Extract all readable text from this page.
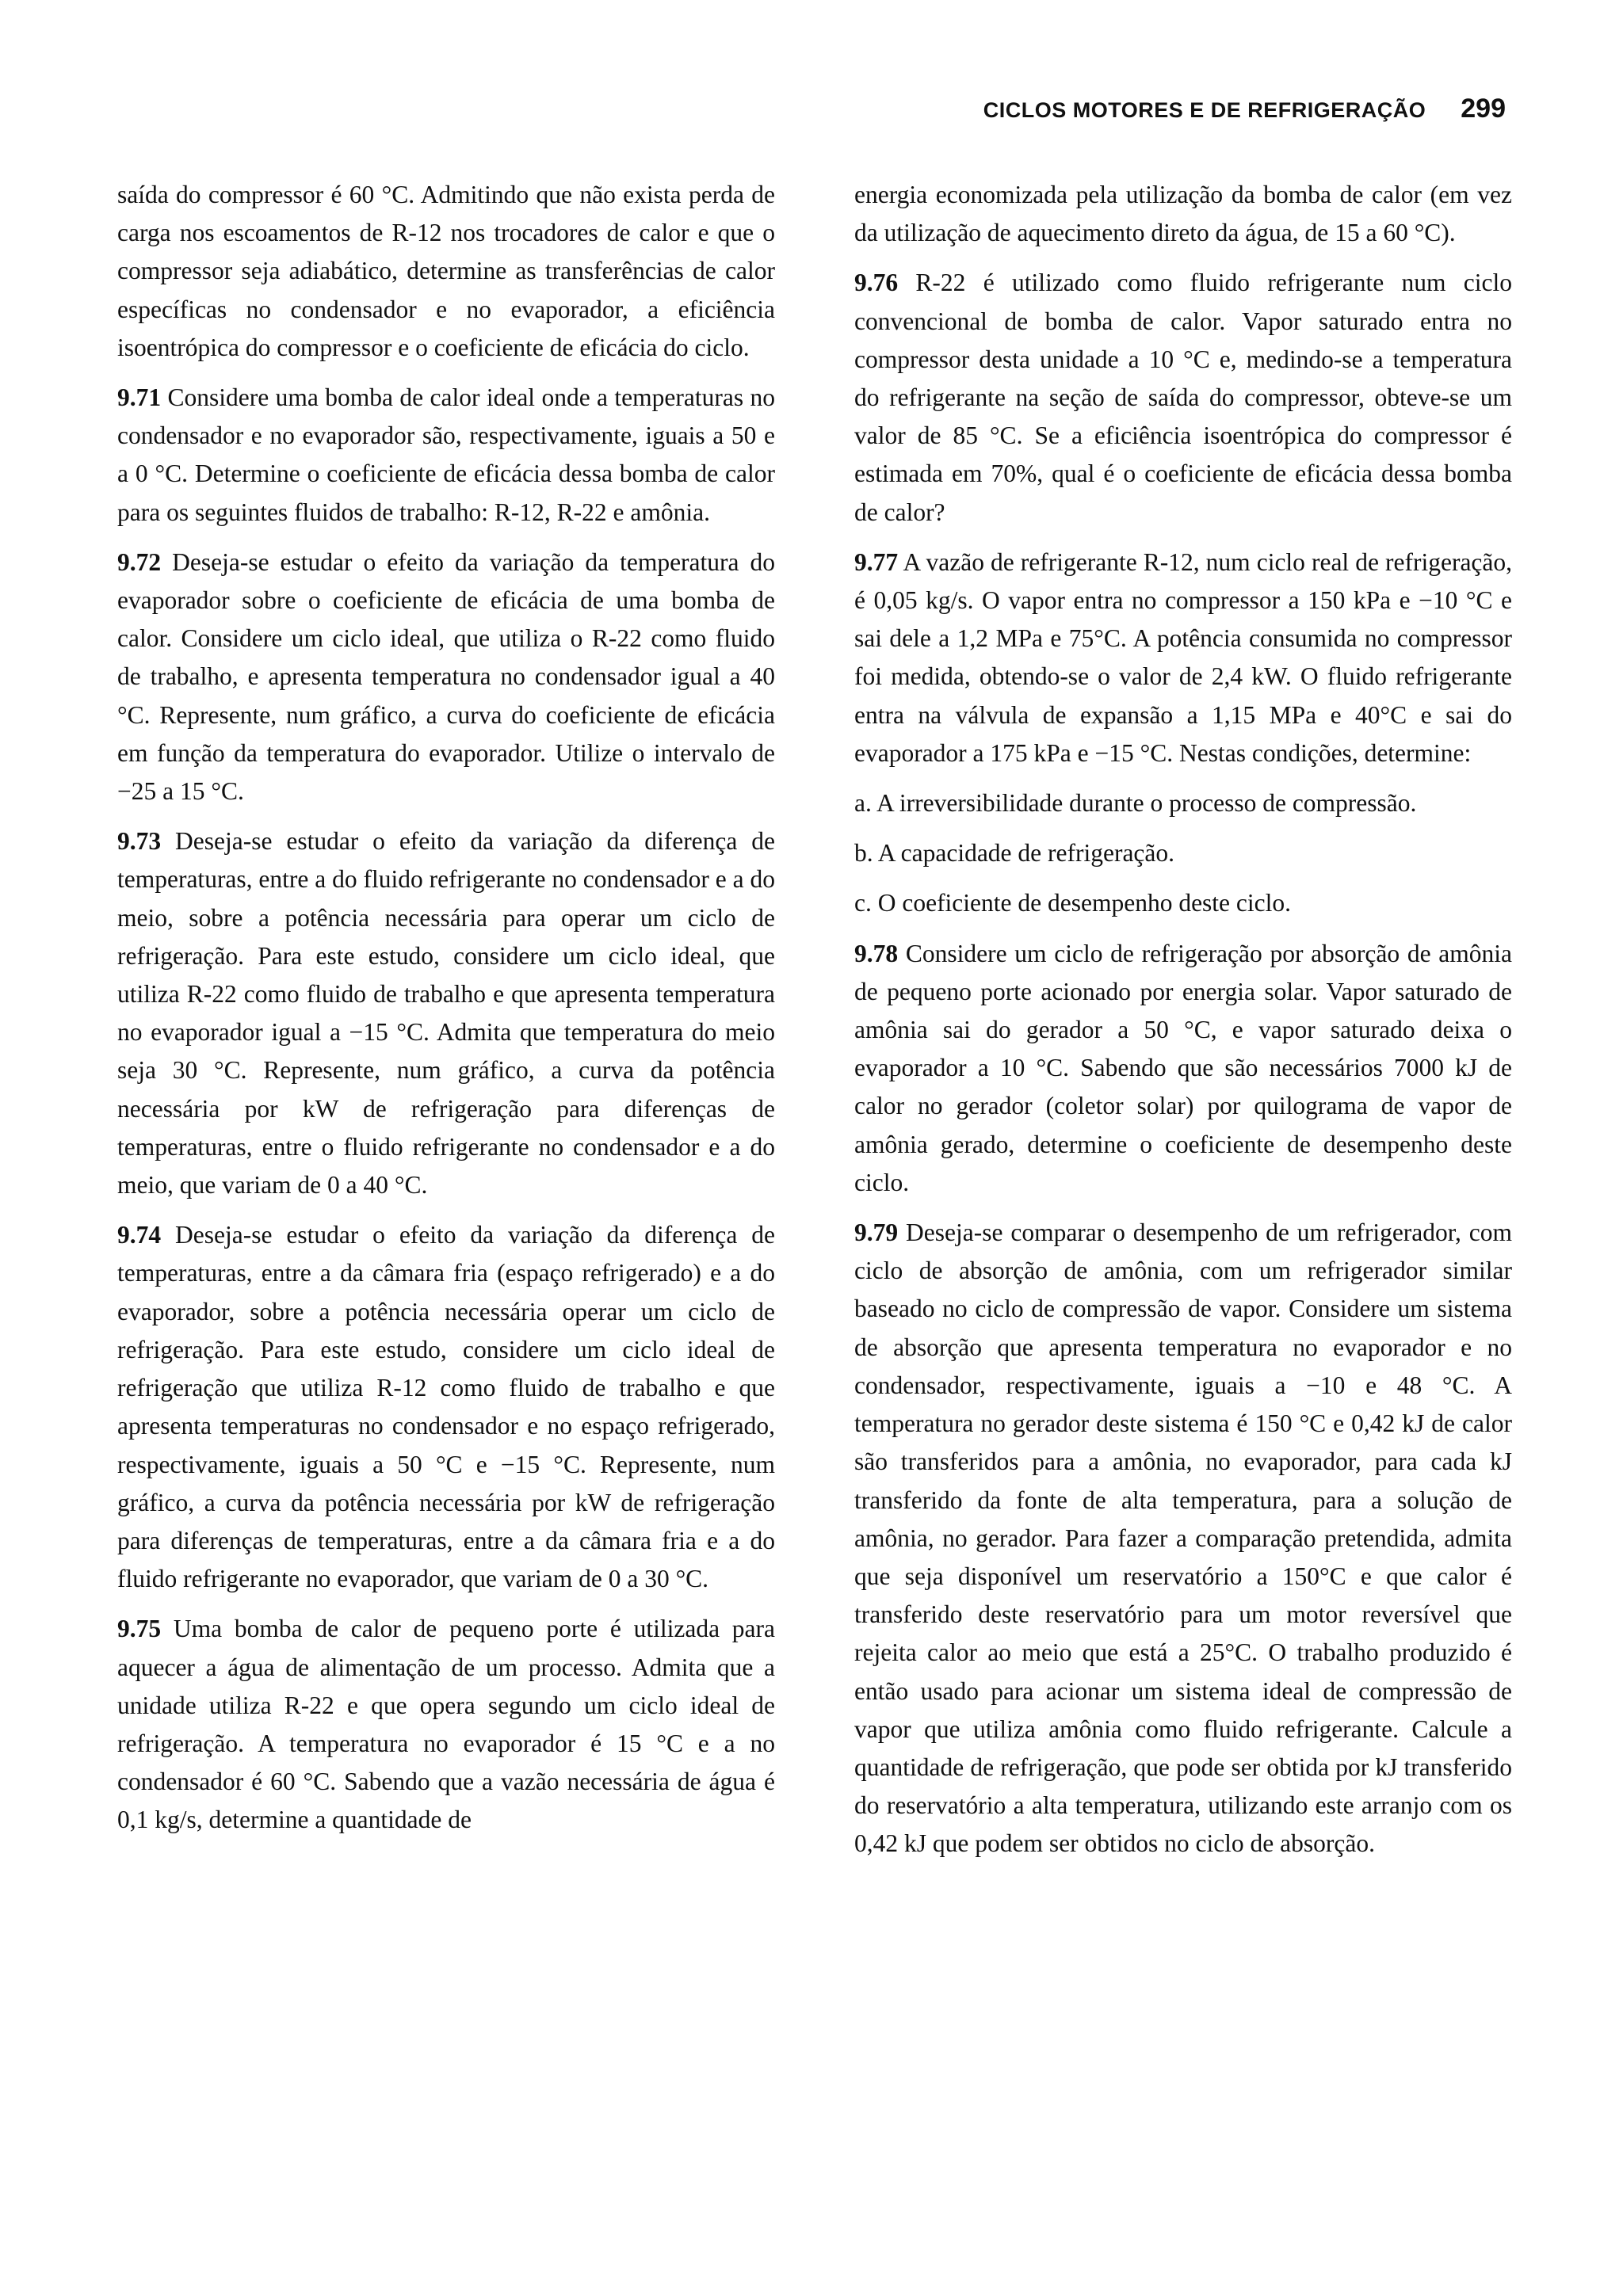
CICLOS MOTORES E DE REFRIGERAÇÃO 299

saída do compressor é 60 °C. Admitindo que não exista perda de carga nos escoamentos de R-12 nos trocadores de calor e que o compressor seja adiabático, determine as transferências de calor específicas no condensador e no evaporador, a eficiência isoentrópica do compressor e o coeficiente de eficácia do ciclo.

9.71 Considere uma bomba de calor ideal onde a temperaturas no condensador e no evaporador são, respectivamente, iguais a 50 e a 0 °C. Determine o coeficiente de eficácia dessa bomba de calor para os seguintes fluidos de trabalho: R-12, R-22 e amônia.

9.72 Deseja-se estudar o efeito da variação da temperatura do evaporador sobre o coeficiente de eficácia de uma bomba de calor. Considere um ciclo ideal, que utiliza o R-22 como fluido de trabalho, e apresenta temperatura no condensador igual a 40 °C. Represente, num gráfico, a curva do coeficiente de eficácia em função da temperatura do evaporador. Utilize o intervalo de −25 a 15 °C.

9.73 Deseja-se estudar o efeito da variação da diferença de temperaturas, entre a do fluido refrigerante no condensador e a do meio, sobre a potência necessária para operar um ciclo de refrigeração. Para este estudo, considere um ciclo ideal, que utiliza R-22 como fluido de trabalho e que apresenta temperatura no evaporador igual a −15 °C. Admita que temperatura do meio seja 30 °C. Represente, num gráfico, a curva da potência necessária por kW de refrigeração para diferenças de temperaturas, entre o fluido refrigerante no condensador e a do meio, que variam de 0 a 40 °C.

9.74 Deseja-se estudar o efeito da variação da diferença de temperaturas, entre a da câmara fria (espaço refrigerado) e a do evaporador, sobre a potência necessária operar um ciclo de refrigeração. Para este estudo, considere um ciclo ideal de refrigeração que utiliza R-12 como fluido de trabalho e que apresenta temperaturas no condensador e no espaço refrigerado, respectivamente, iguais a 50 °C e −15 °C. Represente, num gráfico, a curva da potência necessária por kW de refrigeração para diferenças de temperaturas, entre a da câmara fria e a do fluido refrigerante no evaporador, que variam de 0 a 30 °C.

9.75 Uma bomba de calor de pequeno porte é utilizada para aquecer a água de alimentação de um processo. Admita que a unidade utiliza R-22 e que opera segundo um ciclo ideal de refrigeração. A temperatura no evaporador é 15 °C e a no condensador é 60 °C. Sabendo que a vazão necessária de água é 0,1 kg/s, determine a quantidade de

energia economizada pela utilização da bomba de calor (em vez da utilização de aquecimento direto da água, de 15 a 60 °C).

9.76 R-22 é utilizado como fluido refrigerante num ciclo convencional de bomba de calor. Vapor saturado entra no compressor desta unidade a 10 °C e, medindo-se a temperatura do refrigerante na seção de saída do compressor, obteve-se um valor de 85 °C. Se a eficiência isoentrópica do compressor é estimada em 70%, qual é o coeficiente de eficácia dessa bomba de calor?

9.77 A vazão de refrigerante R-12, num ciclo real de refrigeração, é 0,05 kg/s. O vapor entra no compressor a 150 kPa e −10 °C e sai dele a 1,2 MPa e 75°C. A potência consumida no compressor foi medida, obtendo-se o valor de 2,4 kW. O fluido refrigerante entra na válvula de expansão a 1,15 MPa e 40°C e sai do evaporador a 175 kPa e −15 °C. Nestas condições, determine:

a. A irreversibilidade durante o processo de compressão.

b. A capacidade de refrigeração.

c. O coeficiente de desempenho deste ciclo.

9.78 Considere um ciclo de refrigeração por absorção de amônia de pequeno porte acionado por energia solar. Vapor saturado de amônia sai do gerador a 50 °C, e vapor saturado deixa o evaporador a 10 °C. Sabendo que são necessários 7000 kJ de calor no gerador (coletor solar) por quilograma de vapor de amônia gerado, determine o coeficiente de desempenho deste ciclo.

9.79 Deseja-se comparar o desempenho de um refrigerador, com ciclo de absorção de amônia, com um refrigerador similar baseado no ciclo de compressão de vapor. Considere um sistema de absorção que apresenta temperatura no evaporador e no condensador, respectivamente, iguais a −10 e 48 °C. A temperatura no gerador deste sistema é 150 °C e 0,42 kJ de calor são transferidos para a amônia, no evaporador, para cada kJ transferido da fonte de alta temperatura, para a solução de amônia, no gerador. Para fazer a comparação pretendida, admita que seja disponível um reservatório a 150°C e que calor é transferido deste reservatório para um motor reversível que rejeita calor ao meio que está a 25°C. O trabalho produzido é então usado para acionar um sistema ideal de compressão de vapor que utiliza amônia como fluido refrigerante. Calcule a quantidade de refrigeração, que pode ser obtida por kJ transferido do reservatório a alta temperatura, utilizando este arranjo com os 0,42 kJ que podem ser obtidos no ciclo de absorção.
